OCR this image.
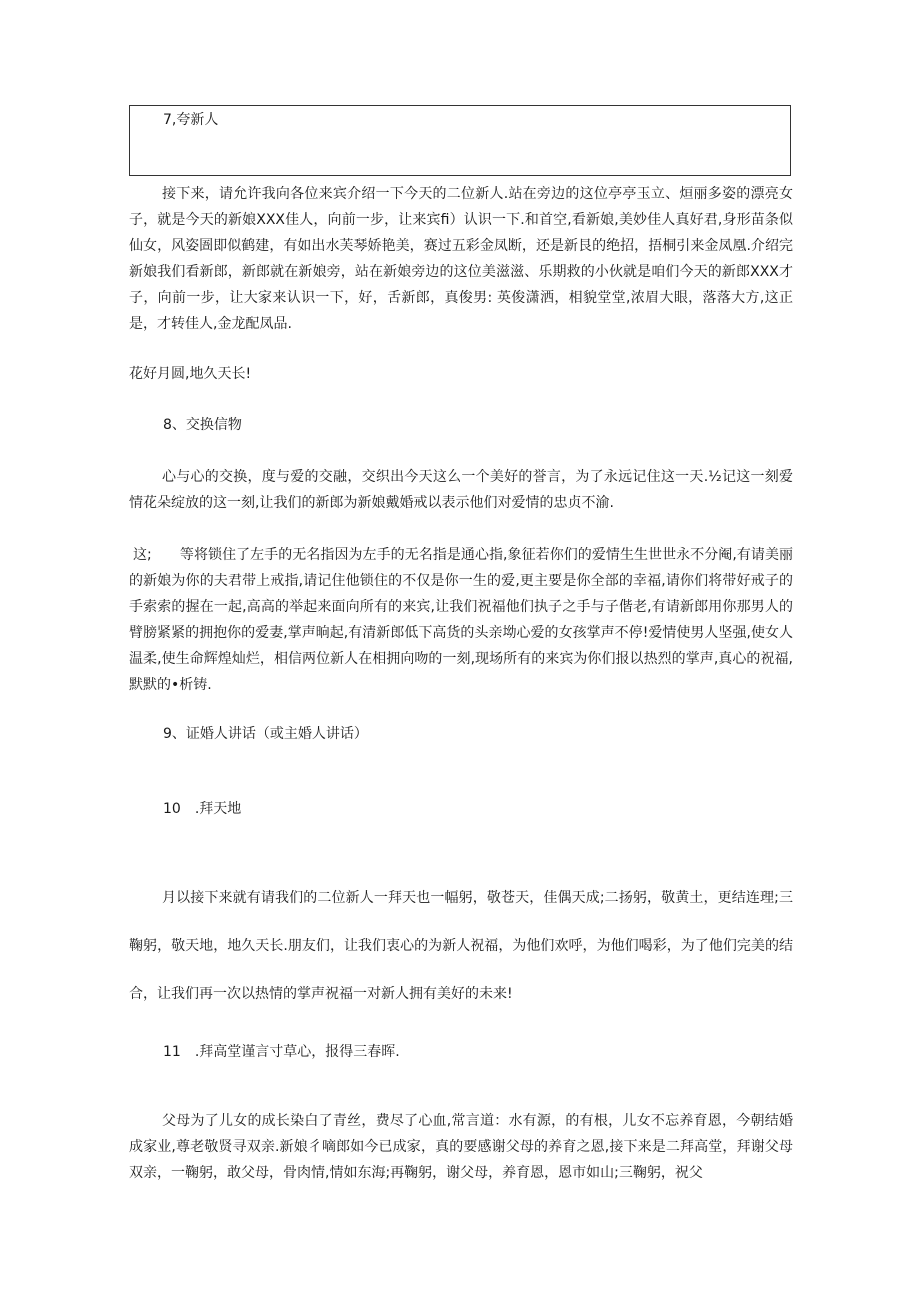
7,夸新人

接下来，请允许我向各位来宾介绍一下今天的二位新人.站在旁边的这位亭亭玉立、烜丽多姿的漂亮女子，就是今天的新娘XXX佳人，向前一步，让来宾fi）认识一下.和首空,看新娘,美妙佳人真好君,身形苗条似仙女，风姿圄即似鹤建，有如出水芙琴娇艳美，赛过五彩金凤断，还是新艮的绝招，捂桐引来金凤凰.介绍完新娘我们看新郎，新郎就在新娘旁，站在新娘旁边的这位美滋滋、乐期救的小伙就是咱们今天的新郎XXX才子，向前一步，让大家来认识一下，好，舌新郎，真俊男: 英俊潇洒，相貌堂堂,浓眉大眼，落落大方,这正是，才转佳人,金龙配凤品.

花好月圆,地久天长!

8、交换信物

心与心的交换，度与爱的交融，交织出今天这么一个美好的誉言，为了永远记住这一天.½记这一刻爱情花朵绽放的这一刻,让我们的新郎为新娘戴婚戒以表示他们对爱情的忠贞不渝.

这;　　等将锁住了左手的无名指因为左手的无名指是通心指,象征若你们的爱情生生世世永不分阉,有请美丽的新娘为你的夫君带上戒指,请记住他锁住的不仅是你一生的爱,更主要是你全部的幸福,请你们将带好戒子的手索索的握在一起,高高的举起来面向所有的来宾,让我们祝福他们执子之手与子偕老,有请新郎用你那男人的臂膀紧紧的拥抱你的爱妻,掌声晌起,有清新郎低下高货的头亲坳心爱的女孩掌声不停!爱情使男人坚强,使女人温柔,使生命辉煌灿烂，相信两位新人在相拥向吻的一刻,现场所有的来宾为你们报以热烈的掌声,真心的祝福,默默的•析铸.

9、证婚人讲话（或主婚人讲话）

10　.拜天地

月以接下来就有请我们的二位新人一拜天也一幅躬，敬苍天，佳偶天成;二扬躬，敬黄土，更结连理;三鞠躬，敬天地，地久天长.朋友们，让我们衷心的为新人祝福，为他们欢呼，为他们喝彩，为了他们完美的结合，让我们再一次以热情的掌声祝福一对新人拥有美好的未来!

11　.拜高堂谨言寸草心，报得三春晖.

父母为了儿女的成长染白了青丝，费尽了心血,常言道：水有源，的有根，儿女不忘养育恩，今朝结婚成家业,尊老敬贤寻双亲.新娘彳嘀郎如今已成家，真的要感谢父母的养育之恩,接下来是二拜高堂，拜谢父母双亲，一鞠躬，敢父母，骨肉情,情如东海;再鞠躬，谢父母，养育恩，恩市如山;三鞠躬，祝父
